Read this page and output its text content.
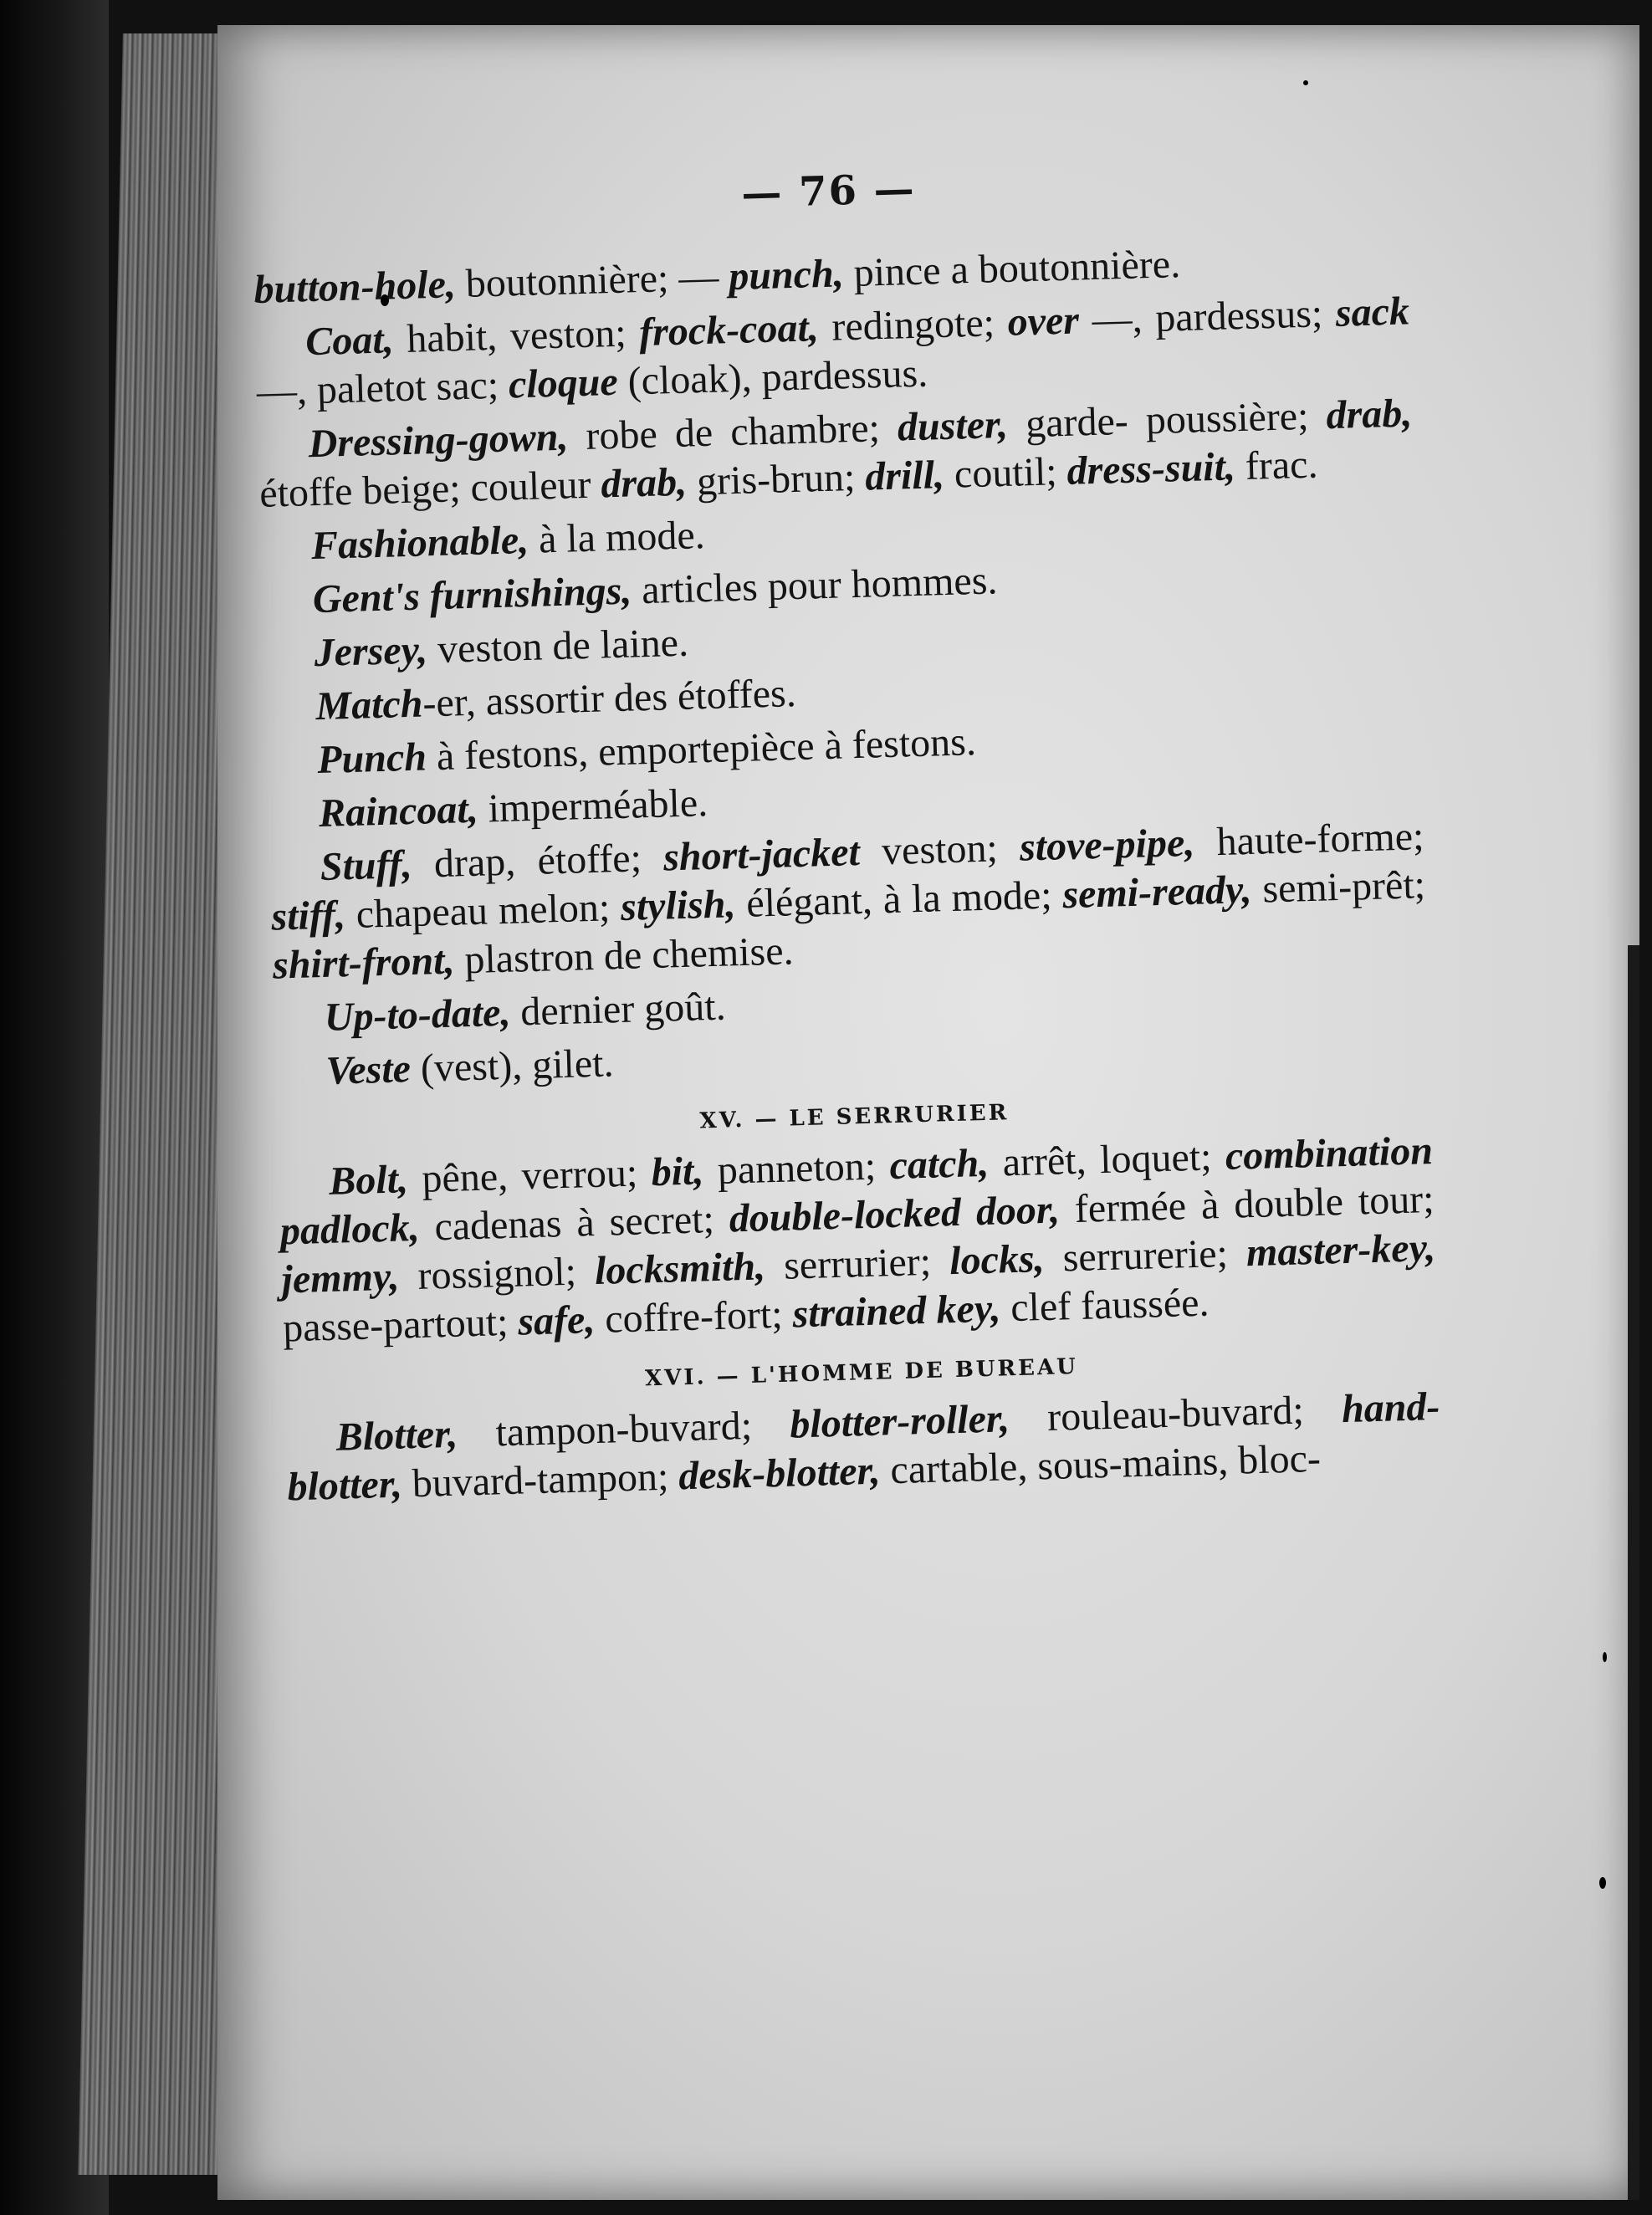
— 76 —

button-hole, boutonnière; — punch, pince a boutonnière.

Coat, habit, veston; frock-coat, redingote; over —, pardessus; sack —, paletot sac; cloque (cloak), pardessus.

Dressing-gown, robe de chambre; duster, garde- poussière; drab, étoffe beige; couleur drab, gris-brun; drill, coutil; dress-suit, frac.

Fashionable, à la mode.

Gent's furnishings, articles pour hommes.

Jersey, veston de laine.

Match-er, assortir des étoffes.

Punch à festons, emportepièce à festons.

Raincoat, imperméable.

Stuff, drap, étoffe; short-jacket veston; stove-pipe, haute-forme; stiff, chapeau melon; stylish, élégant, à la mode; semi-ready, semi-prêt; shirt-front, plastron de chemise.

Up-to-date, dernier goût.

Veste (vest), gilet.

XV. — LE SERRURIER

Bolt, pêne, verrou; bit, panneton; catch, arrêt, loquet; combination padlock, cadenas à secret; double-locked door, fermée à double tour; jemmy, rossignol; locksmith, serrurier; locks, serrurerie; master-key, passe-partout; safe, coffre-fort; strained key, clef faussée.

XVI. — L'HOMME DE BUREAU

Blotter, tampon-buvard; blotter-roller, rouleau-buvard; hand-blotter, buvard-tampon; desk-blotter, cartable, sous-mains, bloc-
